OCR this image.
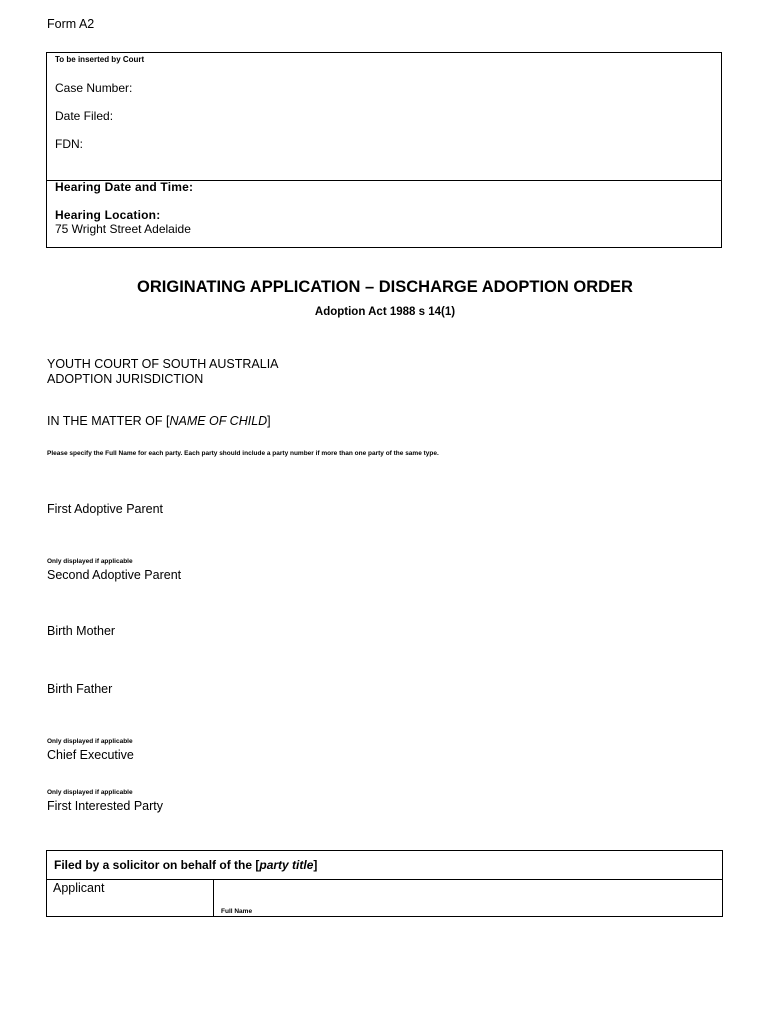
Form A2
To be inserted by Court
Case Number:
Date Filed:
FDN:
Hearing Date and Time:
Hearing Location:
75 Wright Street Adelaide
ORIGINATING APPLICATION – DISCHARGE ADOPTION ORDER
Adoption Act 1988 s 14(1)
YOUTH COURT OF SOUTH AUSTRALIA
ADOPTION JURISDICTION
IN THE MATTER OF [NAME OF CHILD]
Please specify the Full Name for each party. Each party should include a party number if more than one party of the same type.
First Adoptive Parent
Only displayed if applicable
Second Adoptive Parent
Birth Mother
Birth Father
Only displayed if applicable
Chief Executive
Only displayed if applicable
First Interested Party
Filed by a solicitor on behalf of the [party title]
Applicant
Full Name
